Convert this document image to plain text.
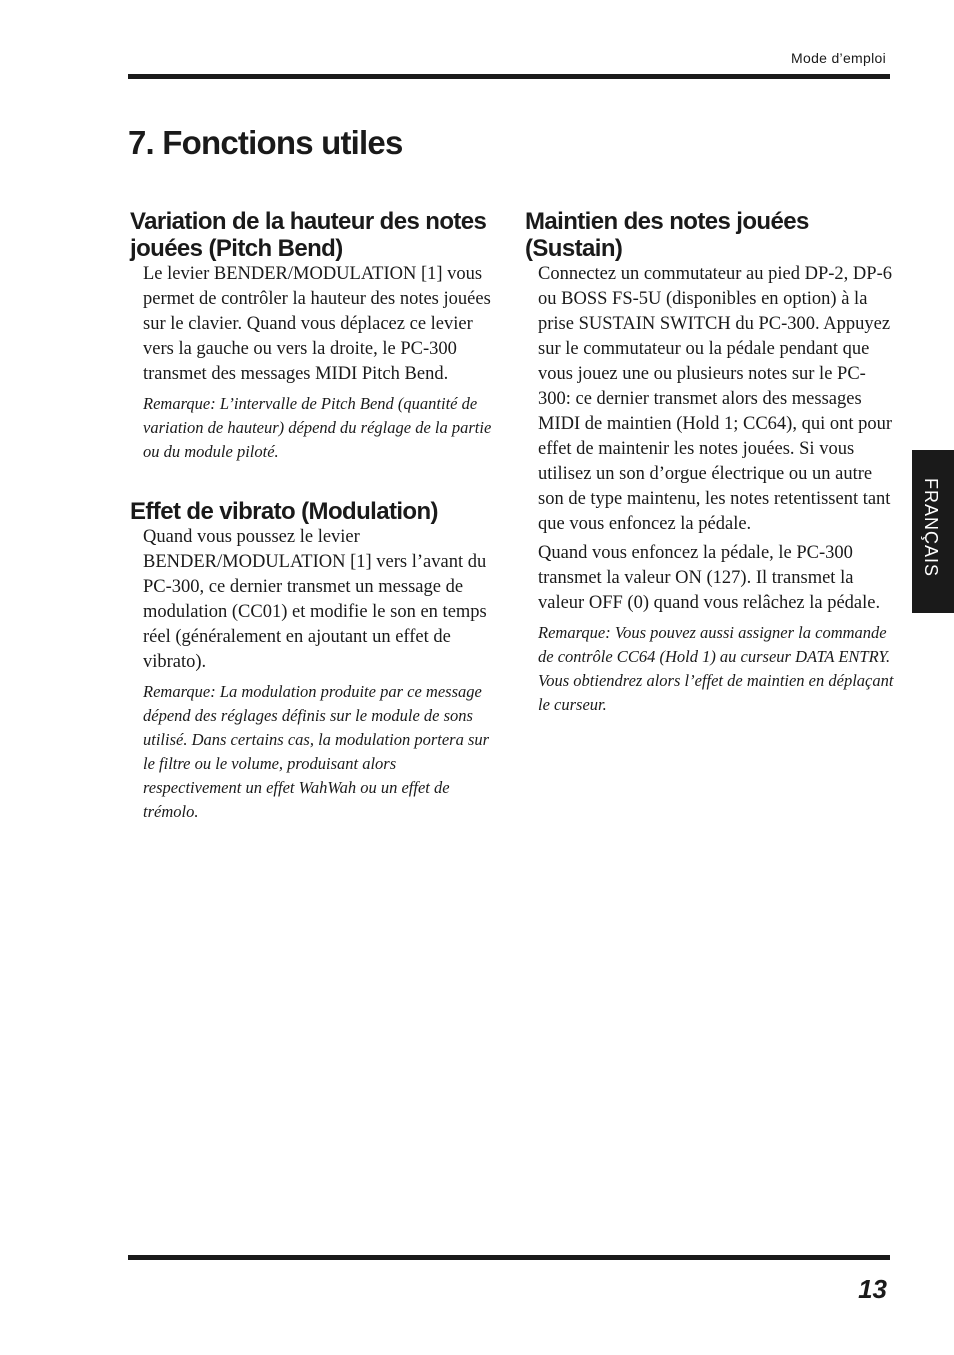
Mode d’emploi
7. Fonctions utiles
Variation de la hauteur des notes jouées (Pitch Bend)

Le levier BENDER/MODULATION [1] vous permet de contrôler la hauteur des notes jouées sur le clavier. Quand vous déplacez ce levier vers la gauche ou vers la droite, le PC-300 transmet des messages MIDI Pitch Bend.

Remarque: L’intervalle de Pitch Bend (quantité de variation de hauteur) dépend du réglage de la partie ou du module piloté.

Effet de vibrato (Modulation)

Quand vous poussez le levier BENDER/MODULATION [1] vers l’avant du PC-300, ce dernier transmet un message de modulation (CC01) et modifie le son en temps réel (généralement en ajoutant un effet de vibrato).

Remarque: La modulation produite par ce message dépend des réglages définis sur le module de sons utilisé. Dans certains cas, la modulation portera sur le filtre ou le volume, produisant alors respectivement un effet WahWah ou un effet de trémolo.

Maintien des notes jouées (Sustain)

Connectez un commutateur au pied DP-2, DP-6 ou BOSS FS-5U (disponibles en option) à la prise SUSTAIN SWITCH du PC-300. Appuyez sur le commutateur ou la pédale pendant que vous jouez une ou plusieurs notes sur le PC-300: ce dernier transmet alors des messages MIDI de maintien (Hold 1; CC64), qui ont pour effet de maintenir les notes jouées. Si vous utilisez un son d’orgue électrique ou un autre son de type maintenu, les notes retentissent tant que vous enfoncez la pédale.

Quand vous enfoncez la pédale, le PC-300 transmet la valeur ON (127). Il transmet la valeur OFF (0) quand vous relâchez la pédale.

Remarque: Vous pouvez aussi assigner la commande de contrôle CC64 (Hold 1) au curseur DATA ENTRY. Vous obtiendrez alors l’effet de maintien en déplaçant le curseur.

FRANÇAIS
13
